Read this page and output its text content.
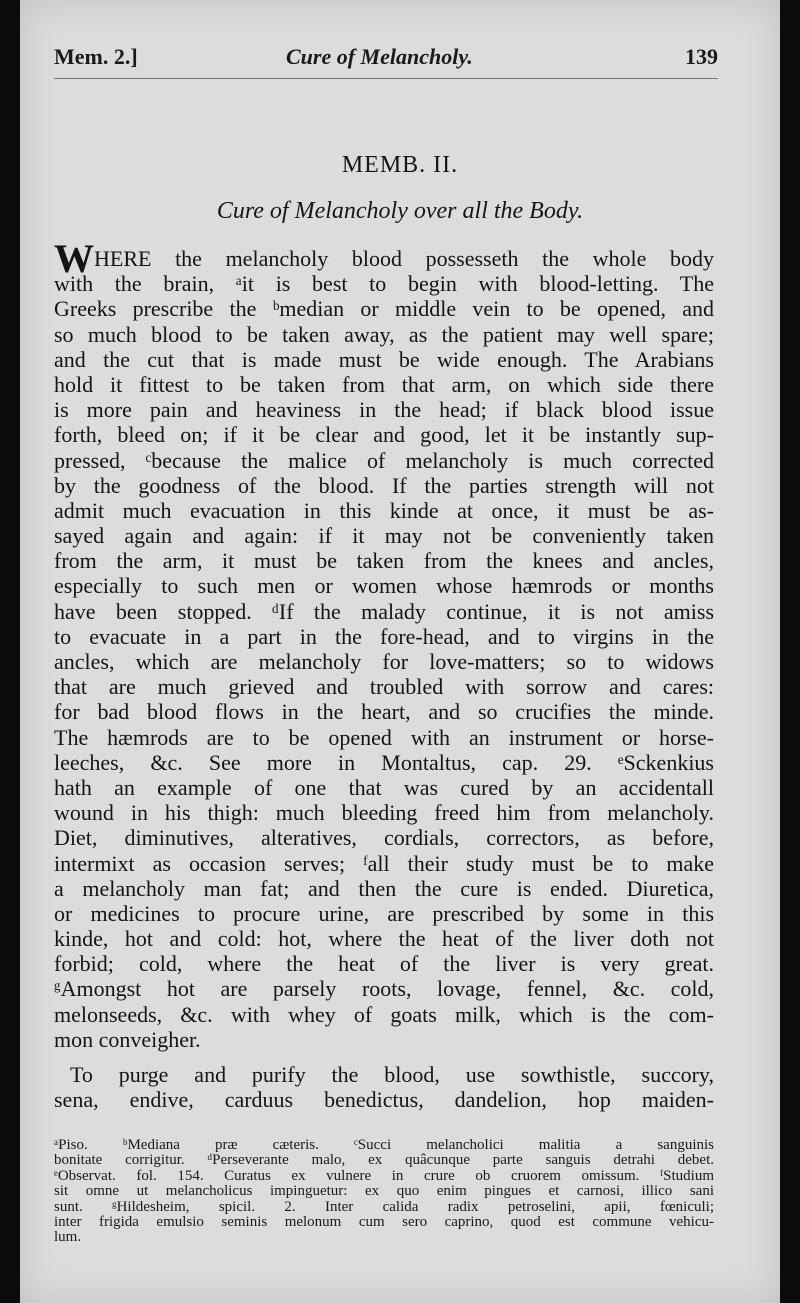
Mem. 2.]	Cure of Melancholy.	139
MEMB. II.
Cure of Melancholy over all the Body.
WHERE the melancholy blood possesseth the whole body
with the brain, ᵃit is best to begin with blood-letting. The
Greeks prescribe the ᵇmedian or middle vein to be opened, and
so much blood to be taken away, as the patient may well spare;
and the cut that is made must be wide enough. The Arabians
hold it fittest to be taken from that arm, on which side there
is more pain and heaviness in the head; if black blood issue
forth, bleed on; if it be clear and good, let it be instantly sup-
pressed, ᶜbecause the malice of melancholy is much corrected
by the goodness of the blood. If the parties strength will not
admit much evacuation in this kinde at once, it must be as-
sayed again and again: if it may not be conveniently taken
from the arm, it must be taken from the knees and ancles,
especially to such men or women whose hæmrods or months
have been stopped. ᵈIf the malady continue, it is not amiss
to evacuate in a part in the fore-head, and to virgins in the
ancles, which are melancholy for love-matters; so to widows
that are much grieved and troubled with sorrow and cares:
for bad blood flows in the heart, and so crucifies the minde.
The hæmrods are to be opened with an instrument or horse-
leeches, &c. See more in Montaltus, cap. 29. ᵉSckenkius
hath an example of one that was cured by an accidentall
wound in his thigh: much bleeding freed him from melancholy.
Diet, diminutives, alteratives, cordials, correctors, as before,
intermixt as occasion serves; ᶠall their study must be to make
a melancholy man fat; and then the cure is ended. Diuretica,
or medicines to procure urine, are prescribed by some in this
kinde, hot and cold: hot, where the heat of the liver doth not
forbid; cold, where the heat of the liver is very great.
ᵍAmongst hot are parsely roots, lovage, fennel, &c. cold,
melonseeds, &c. with whey of goats milk, which is the com-
mon conveigher.
To purge and purify the blood, use sowthistle, succory,
sena, endive, carduus benedictus, dandelion, hop maiden-
ᵃPiso. ᵇMediana præ cæteris. ᶜSucci melancholici malitia a sanguinis
bonitate corrigitur. ᵈPerseverante malo, ex quâcunque parte sanguis detrahi debet.
ᵉObservat. fol. 154. Curatus ex vulnere in crure ob cruorem omissum. ᶠStudium
sit omne ut melancholicus impinguetur: ex quo enim pingues et carnosi, illico sani
sunt. ᵍHildesheim, spicil. 2. Inter calida radix petroselini, apii, fœniculi;
inter frigida emulsio seminis melonum cum sero caprino, quod est commune vehicu-
lum.
